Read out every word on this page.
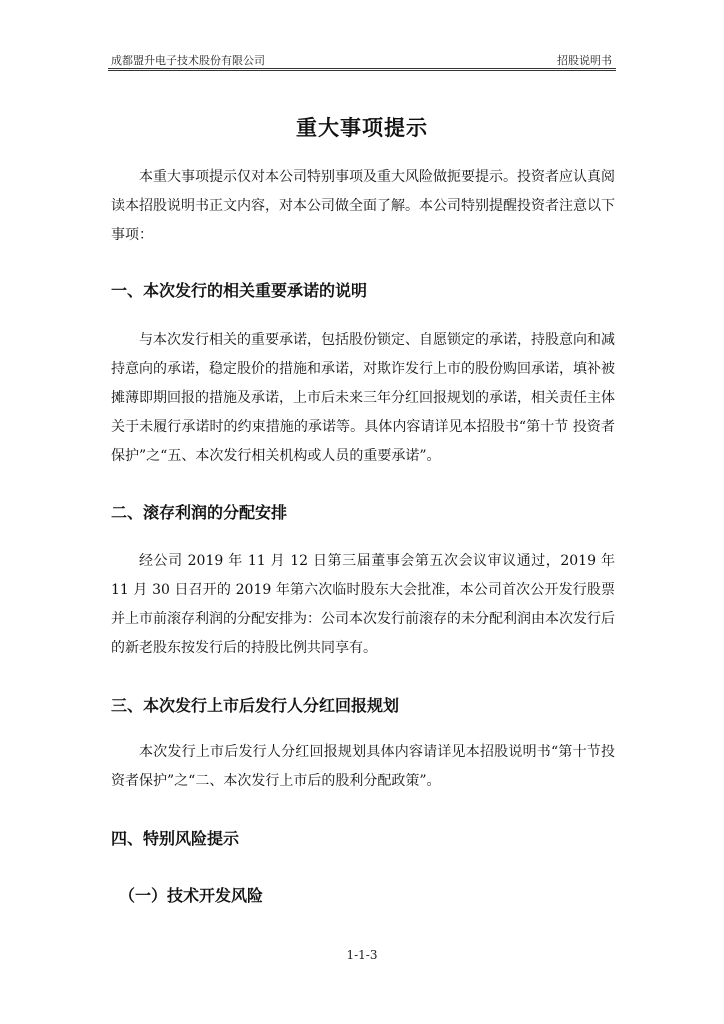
成都盟升电子技术股份有限公司	招股说明书
重大事项提示
本重大事项提示仅对本公司特别事项及重大风险做扼要提示。投资者应认真阅读本招股说明书正文内容，对本公司做全面了解。本公司特别提醒投资者注意以下事项：
一、本次发行的相关重要承诺的说明
与本次发行相关的重要承诺，包括股份锁定、自愿锁定的承诺，持股意向和减持意向的承诺，稳定股价的措施和承诺，对欺诈发行上市的股份购回承诺，填补被摊薄即期回报的措施及承诺，上市后未来三年分红回报规划的承诺，相关责任主体关于未履行承诺时的约束措施的承诺等。具体内容请详见本招股书“第十节 投资者保护”之“五、本次发行相关机构或人员的重要承诺”。
二、滚存利润的分配安排
经公司 2019 年 11 月 12 日第三届董事会第五次会议审议通过，2019 年 11 月 30 日召开的 2019 年第六次临时股东大会批准，本公司首次公开发行股票并上市前滚存利润的分配安排为：公司本次发行前滚存的未分配利润由本次发行后的新老股东按发行后的持股比例共同享有。
三、本次发行上市后发行人分红回报规划
本次发行上市后发行人分红回报规划具体内容请详见本招股说明书“第十节投资者保护”之“二、本次发行上市后的股利分配政策”。
四、特别风险提示
（一）技术开发风险
1-1-3
